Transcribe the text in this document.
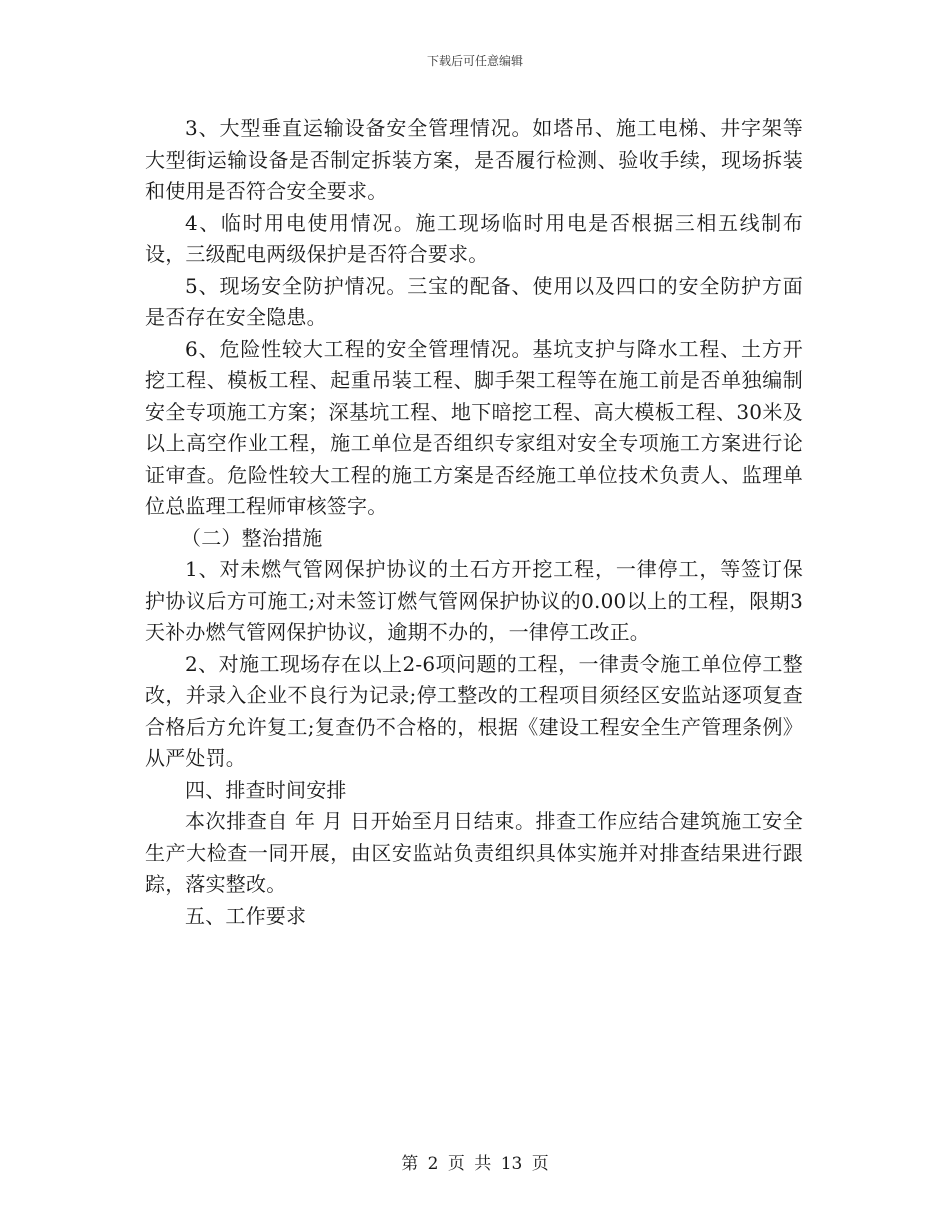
下载后可任意编辑

3、大型垂直运输设备安全管理情况。如塔吊、施工电梯、井字架等大型街运输设备是否制定拆装方案，是否履行检测、验收手续，现场拆装和使用是否符合安全要求。

4、临时用电使用情况。施工现场临时用电是否根据三相五线制布设，三级配电两级保护是否符合要求。

5、现场安全防护情况。三宝的配备、使用以及四口的安全防护方面是否存在安全隐患。

6、危险性较大工程的安全管理情况。基坑支护与降水工程、土方开挖工程、模板工程、起重吊装工程、脚手架工程等在施工前是否单独编制安全专项施工方案；深基坑工程、地下暗挖工程、高大模板工程、30米及以上高空作业工程，施工单位是否组织专家组对安全专项施工方案进行论证审查。危险性较大工程的施工方案是否经施工单位技术负责人、监理单位总监理工程师审核签字。

（二）整治措施

1、对未燃气管网保护协议的土石方开挖工程，一律停工，等签订保护协议后方可施工;对未签订燃气管网保护协议的0.00以上的工程，限期3天补办燃气管网保护协议，逾期不办的，一律停工改正。

2、对施工现场存在以上2-6项问题的工程，一律责令施工单位停工整改，并录入企业不良行为记录;停工整改的工程项目须经区安监站逐项复查合格后方允许复工;复查仍不合格的，根据《建设工程安全生产管理条例》从严处罚。

四、排查时间安排

本次排查自 年 月 日开始至月日结束。排查工作应结合建筑施工安全生产大检查一同开展，由区安监站负责组织具体实施并对排查结果进行跟踪，落实整改。

五、工作要求

第 2 页 共 13 页
